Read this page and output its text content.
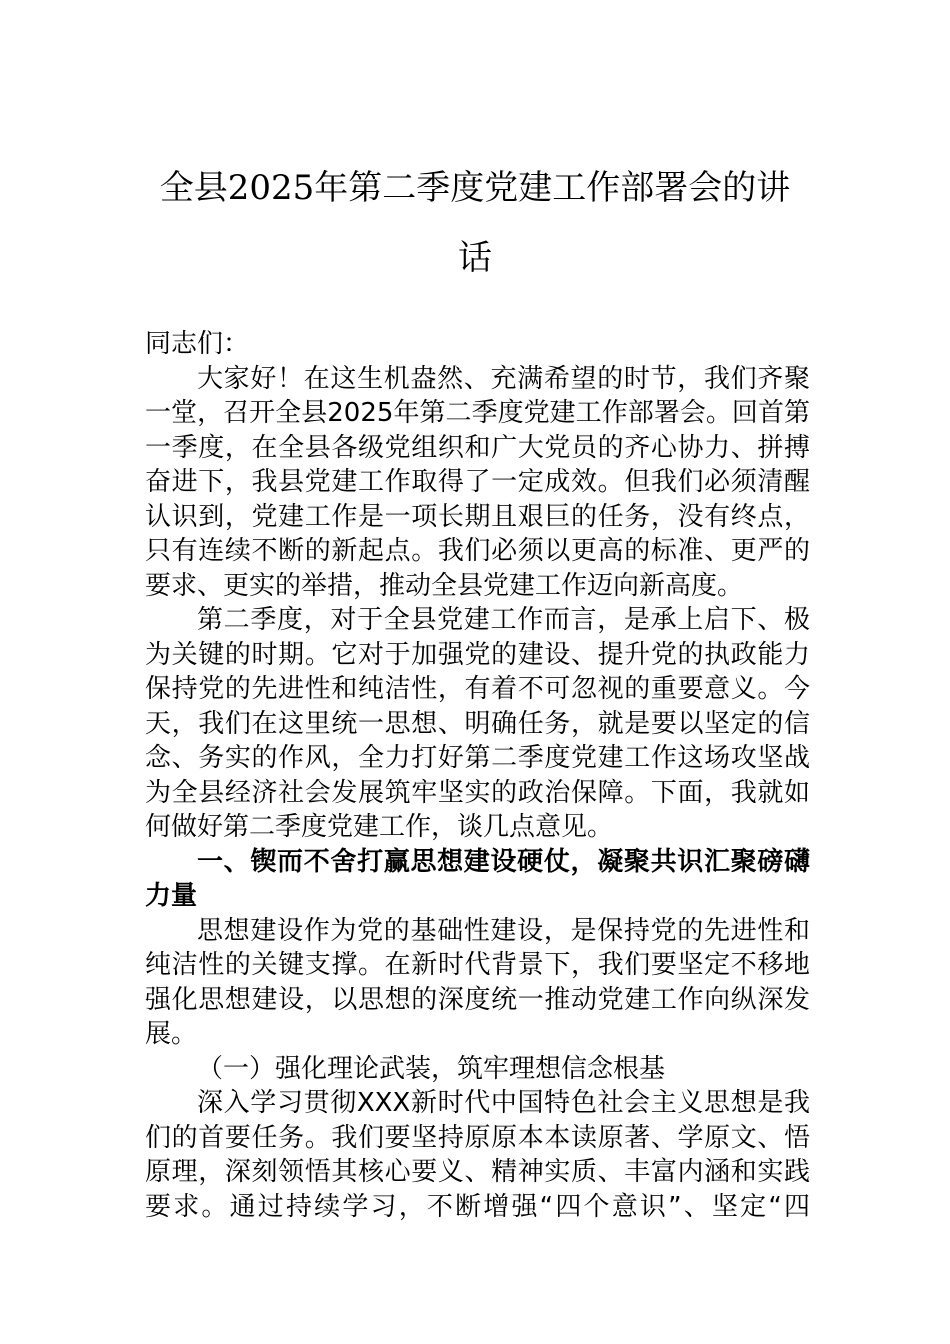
全县2025年第二季度党建工作部署会的讲
话
同志们：
大家好！在这生机盎然、充满希望的时节，我们齐聚
一堂，召开全县2025年第二季度党建工作部署会。回首第
一季度，在全县各级党组织和广大党员的齐心协力、拼搏
奋进下，我县党建工作取得了一定成效。但我们必须清醒
认识到，党建工作是一项长期且艰巨的任务，没有终点，
只有连续不断的新起点。我们必须以更高的标准、更严的
要求、更实的举措，推动全县党建工作迈向新高度。
第二季度，对于全县党建工作而言，是承上启下、极
为关键的时期。它对于加强党的建设、提升党的执政能力
保持党的先进性和纯洁性，有着不可忽视的重要意义。今
天，我们在这里统一思想、明确任务，就是要以坚定的信
念、务实的作风，全力打好第二季度党建工作这场攻坚战
为全县经济社会发展筑牢坚实的政治保障。下面，我就如
何做好第二季度党建工作，谈几点意见。
一、锲而不舍打赢思想建设硬仗，凝聚共识汇聚磅礴
力量
思想建设作为党的基础性建设，是保持党的先进性和
纯洁性的关键支撑。在新时代背景下，我们要坚定不移地
强化思想建设，以思想的深度统一推动党建工作向纵深发
展。
（一）强化理论武装，筑牢理想信念根基
深入学习贯彻XXX新时代中国特色社会主义思想是我
们的首要任务。我们要坚持原原本本读原著、学原文、悟
原理，深刻领悟其核心要义、精神实质、丰富内涵和实践
要求。通过持续学习，不断增强“四个意识”、坚定“四
